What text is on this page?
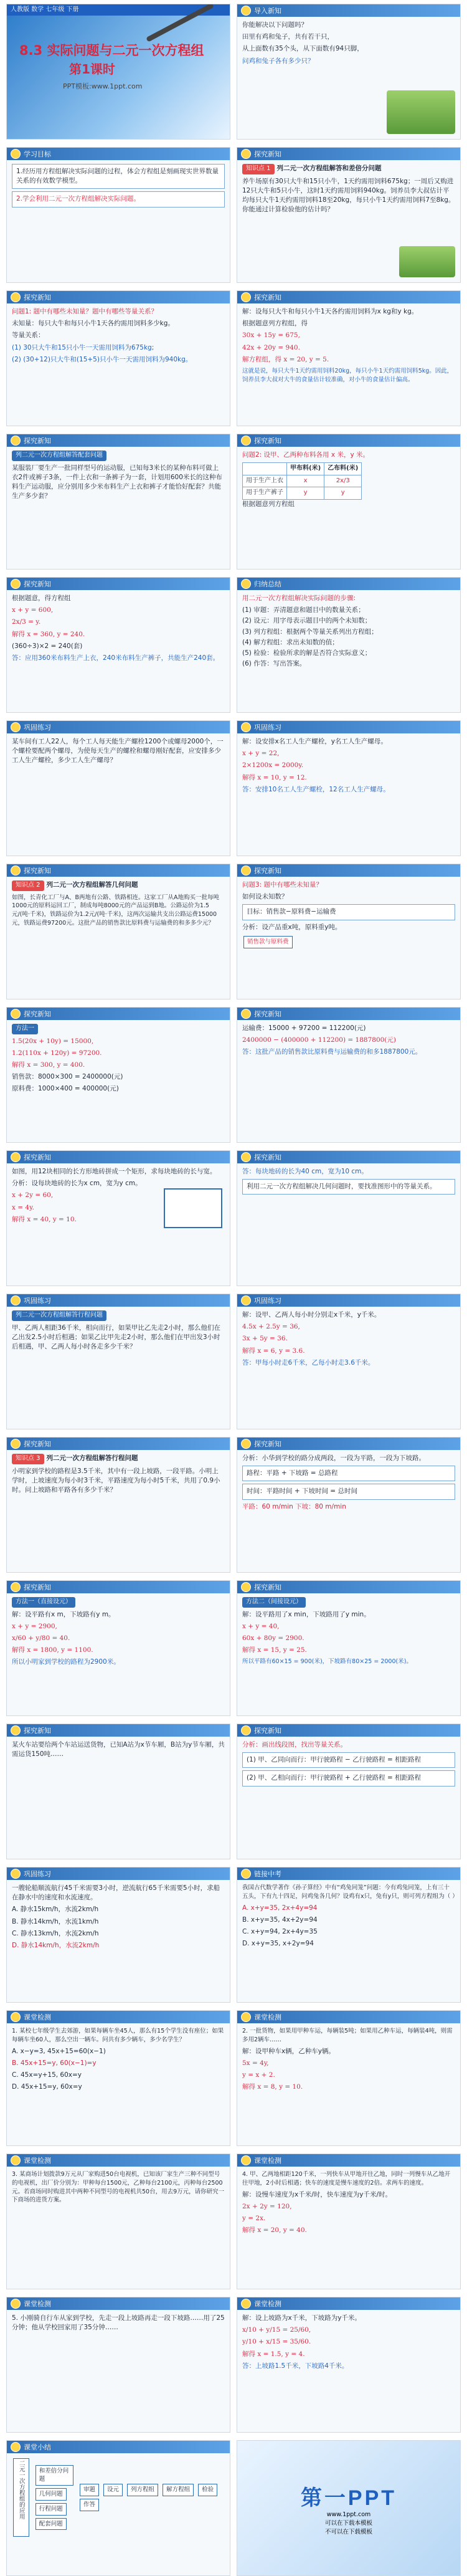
人教版 数学 七年级 下册
8.3 实际问题与二元一次方程组
第1课时
PPT模板:www.1ppt.com
导入新知

你能解决以下问题吗？

田里有鸡和兔子，共有若干只，

从上面数有35个头，从下面数有94只脚，

问鸡和兔子各有多少只？

学习目标

1.经历用方程组解决实际问题的过程，体会方程组是刻画现实世界数量关系的有效数学模型。

2.学会利用二元一次方程组解决实际问题。

探究新知

知识点 1 列二元一次方程组解答和差倍分问题

养牛场原有30只大牛和15只小牛，1天约需用饲料675kg；一周后又购进12只大牛和5只小牛，这时1天约需用饲料940kg。饲养员李大叔估计平均每只大牛1天约需用饲料18至20kg，每只小牛1天约需用饲料7至8kg。你能通过计算检验他的估计吗？

探究新知

问题1: 题中有哪些未知量？题中有哪些等量关系？

未知量：每只大牛和每只小牛1天各约需用饲料多少kg。

等量关系：

(1) 30只大牛和15只小牛一天需用饲料为675kg;

(2) (30+12)只大牛和(15+5)只小牛一天需用饲料为940kg。

探究新知

解：设每只大牛和每只小牛1天各约需用饲料为x kg和y kg。

根据题意列方程组，得

30x + 15y = 675,

42x + 20y = 940.

解方程组，得 x = 20, y = 5.

这就是说，每只大牛1天约需用饲料20kg，每只小牛1天约需用饲料5kg。因此，饲养员李大叔对大牛的食量估计较准确，对小牛的食量估计偏高。

探究新知

列二元一次方程组解答配套问题

某服装厂要生产一批同样型号的运动服，已知每3米长的某种布料可做上衣2件或裤子3条，一件上衣和一条裤子为一套，计划用600米长的这种布料生产运动服，应分别用多少米布料生产上衣和裤子才能恰好配套？共能生产多少套？

探究新知

问题2: 设甲、乙两种布料各用 x 米，y 米。

	甲布料(米)	乙布料(米)
用于生产上衣	x	2x/3
用于生产裤子	y	y

根据题意列方程组

探究新知

根据题意，得方程组

x + y = 600,

2x/3 = y.

解得 x = 360, y = 240.

(360÷3)×2 = 240(套)

答：应用360米布料生产上衣，240米布料生产裤子，共能生产240套。

归纳总结

用二元一次方程组解决实际问题的步骤:

(1) 审题：弄清题意和题目中的数量关系；
(2) 设元：用字母表示题目中的两个未知数；
(3) 列方程组：根据两个等量关系列出方程组；
(4) 解方程组：求出未知数的值；
(5) 检验：检验所求的解是否符合实际意义；
(6) 作答：写出答案。
巩固练习

某车间有工人22人，每个工人每天能生产螺栓1200个或螺母2000个，一个螺栓要配两个螺母，为使每天生产的螺栓和螺母刚好配套，应安排多少工人生产螺栓，多少工人生产螺母？

巩固练习

解：设安排x名工人生产螺栓，y名工人生产螺母。

x + y = 22,

2×1200x = 2000y.

解得 x = 10, y = 12.

答：安排10名工人生产螺栓，12名工人生产螺母。

探究新知

知识点 2 列二元一次方程组解答几何问题

如图，长青化工厂与A、B两地有公路、铁路相连。这家工厂从A地购买一批每吨1000元的原料运回工厂，制成每吨8000元的产品运到B地。公路运价为1.5元/(吨·千米)，铁路运价为1.2元/(吨·千米)，这两次运输共支出公路运费15000元，铁路运费97200元。这批产品的销售款比原料费与运输费的和多多少元？

探究新知

问题3: 题中有哪些未知量？

如何设未知数？

目标：销售款−原料费−运输费

分析：设产品重x吨，原料重y吨。

销售款与原料费

探究新知

方法一

1.5(20x + 10y) = 15000,

1.2(110x + 120y) = 97200.

解得 x = 300, y = 400.

销售款：8000×300 = 2400000(元)

原料费：1000×400 = 400000(元)

探究新知

运输费：15000 + 97200 = 112200(元)

2400000 − (400000 + 112200) = 1887800(元)

答：这批产品的销售款比原料费与运输费的和多1887800元。

探究新知

如图，用12块相同的长方形地砖拼成一个矩形，求每块地砖的长与宽。

分析：设每块地砖的长为x cm，宽为y cm。

x + 2y = 60,

x = 4y.

解得 x = 40, y = 10.

探究新知

答：每块地砖的长为40 cm，宽为10 cm。

利用二元一次方程组解决几何问题时，要找准图形中的等量关系。

巩固练习

列二元一次方程组解答行程问题

甲、乙两人相距36千米，相向而行，如果甲比乙先走2小时，那么他们在乙出发2.5小时后相遇；如果乙比甲先走2小时，那么他们在甲出发3小时后相遇，甲、乙两人每小时各走多少千米？

巩固练习

解：设甲、乙两人每小时分别走x千米，y千米。

4.5x + 2.5y = 36,

3x + 5y = 36.

解得 x = 6, y = 3.6.

答：甲每小时走6千米，乙每小时走3.6千米。

探究新知

知识点 3 列二元一次方程组解答行程问题

小明家到学校的路程是3.5千米，其中有一段上坡路，一段平路。小明上学时，上坡速度为每小时3千米，平路速度为每小时5千米，共用了0.9小时。问上坡路和平路各有多少千米？

探究新知

分析：小华到学校的路分成两段，一段为平路，一段为下坡路。

路程：平路 + 下坡路 = 总路程

时间：平路时间 + 下坡时间 = 总时间

平路：60 m/min 下坡：80 m/min

探究新知

方法一（直接设元）

解：设平路有x m，下坡路有y m。

x + y = 2900,

x/60 + y/80 = 40.

解得 x = 1800, y = 1100.

所以小明家到学校的路程为2900米。

探究新知

方法二（间接设元）

解：设平路用了x min，下坡路用了y min。

x + y = 40,

60x + 80y = 2900.

解得 x = 15, y = 25.

所以平路有60×15 = 900(米)，下坡路有80×25 = 2000(米)。

探究新知

某火车站要给两个车站运送货物，已知A站为x节车厢，B站为y节车厢，共需运货150吨……

探究新知

分析：画出线段图，找出等量关系。

(1) 甲、乙同向而行：甲行驶路程 − 乙行驶路程 = 相距路程

(2) 甲、乙相向而行：甲行驶路程 + 乙行驶路程 = 相距路程

巩固练习

一艘轮船顺流航行45千米需要3小时，逆流航行65千米需要5小时，求船在静水中的速度和水流速度。

A. 静水15km/h，水流2km/h

B. 静水14km/h，水流1km/h

C. 静水13km/h，水流2km/h

D. 静水14km/h，水流2km/h

链接中考

我国古代数学著作《孙子算经》中有“鸡兔同笼”问题：今有鸡兔同笼，上有三十五头，下有九十四足，问鸡兔各几何？设鸡有x只，兔有y只，则可列方程组为（ ）

A. x+y=35, 2x+4y=94

B. x+y=35, 4x+2y=94

C. x+y=94, 2x+4y=35

D. x+y=35, x+2y=94

课堂检测

1. 某校七年级学生去郊游，如果每辆车坐45人，那么有15个学生没有座位；如果每辆车坐60人，那么空出一辆车。问共有多少辆车，多少名学生？

A. x−y=3, 45x+15=60(x−1)

B. 45x+15=y, 60(x−1)=y

C. 45x=y+15, 60x=y

D. 45x+15=y, 60x=y

课堂检测

2. 一批货物，如果用甲种车运，每辆装5吨；如果用乙种车运，每辆装4吨，则需多用2辆车……

解：设甲种车x辆，乙种车y辆。

5x = 4y,

y = x + 2.

解得 x = 8, y = 10.

课堂检测

3. 某商场计划拨款9万元从厂家购进50台电视机，已知该厂家生产三种不同型号的电视机，出厂价分别为：甲种每台1500元，乙种每台2100元，丙种每台2500元。若商场同时购进其中两种不同型号的电视机共50台，用去9万元，请你研究一下商场的进货方案。

课堂检测

4. 甲、乙两地相距120千米，一列快车从甲地开往乙地，同时一列慢车从乙地开往甲地，2小时后相遇；快车的速度是慢车速度的2倍。求两车的速度。

解：设慢车速度为x千米/时，快车速度为y千米/时。

2x + 2y = 120,

y = 2x.

解得 x = 20, y = 40.

课堂检测

5. 小刚骑自行车从家到学校，先走一段上坡路再走一段下坡路……用了25分钟；他从学校回家用了35分钟……

课堂检测

解：设上坡路为x千米，下坡路为y千米。

x/10 + y/15 = 25/60,

y/10 + x/15 = 35/60.

解得 x = 1.5, y = 4.

答：上坡路1.5千米，下坡路4千米。

课堂小结
二元一次方程组的应用	和差倍分问题
几何问题
行程问题
配套问题
审题 设元 列方程组 解方程组 检验 作答	第一PPT
www.1ppt.com
可以在下载本模板
不可以在下载模板
